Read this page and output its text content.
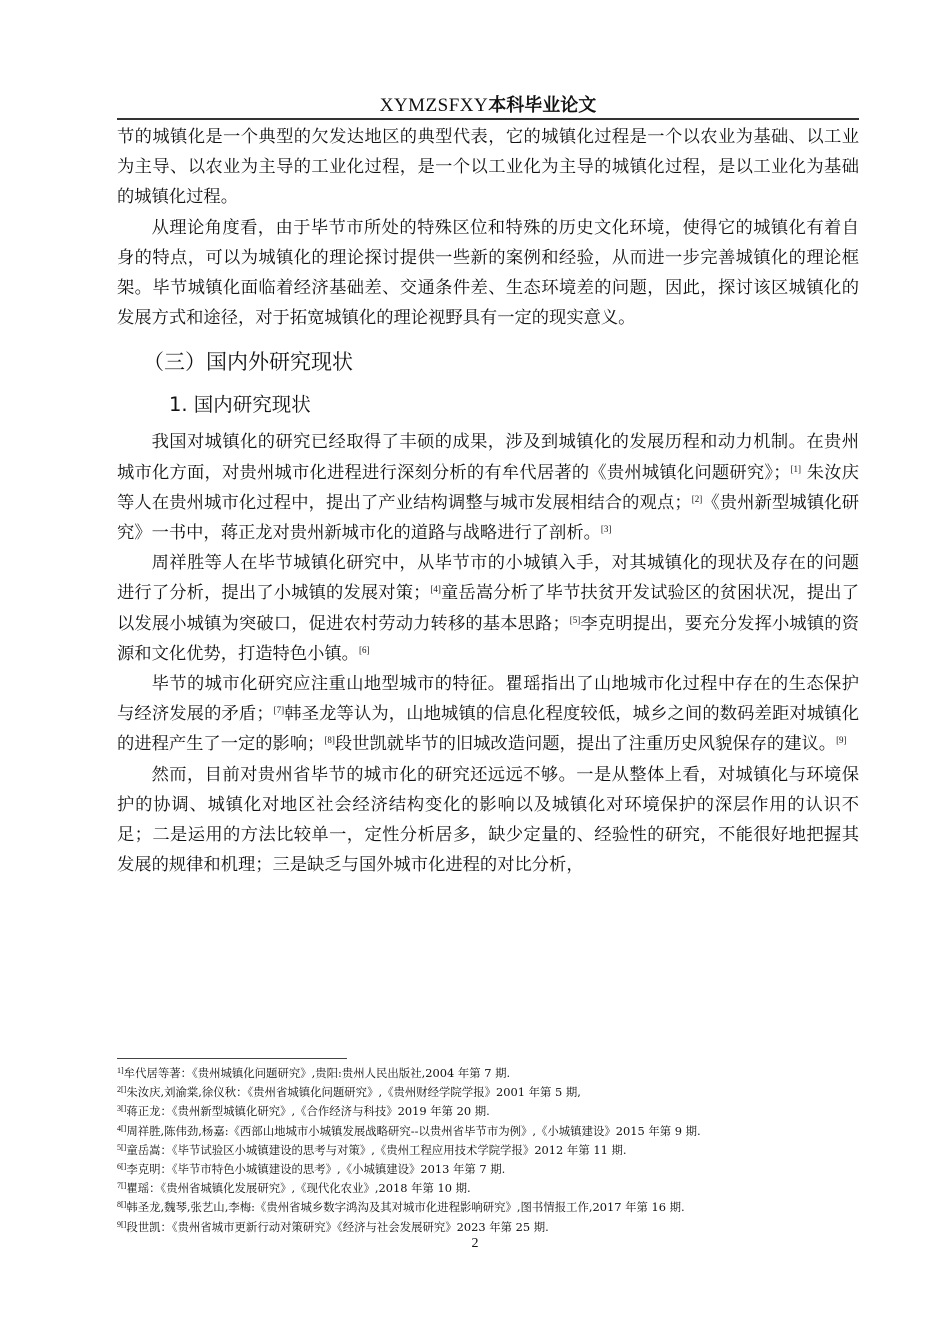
XYMZSFXY本科毕业论文

节的城镇化是一个典型的欠发达地区的典型代表，它的城镇化过程是一个以农业为基础、以工业为主导、以农业为主导的工业化过程，是一个以工业化为主导的城镇化过程，是以工业化为基础的城镇化过程。

从理论角度看，由于毕节市所处的特殊区位和特殊的历史文化环境，使得它的城镇化有着自身的特点，可以为城镇化的理论探讨提供一些新的案例和经验，从而进一步完善城镇化的理论框架。毕节城镇化面临着经济基础差、交通条件差、生态环境差的问题，因此，探讨该区城镇化的发展方式和途径，对于拓宽城镇化的理论视野具有一定的现实意义。

（三）国内外研究现状
1. 国内研究现状

我国对城镇化的研究已经取得了丰硕的成果，涉及到城镇化的发展历程和动力机制。在贵州城市化方面，对贵州城市化进程进行深刻分析的有牟代居著的《贵州城镇化问题研究》；[1] 朱汝庆等人在贵州城市化过程中，提出了产业结构调整与城市发展相结合的观点；[2]《贵州新型城镇化研究》一书中，蒋正龙对贵州新城市化的道路与战略进行了剖析。[3]

周祥胜等人在毕节城镇化研究中，从毕节市的小城镇入手，对其城镇化的现状及存在的问题进行了分析，提出了小城镇的发展对策；[4]童岳嵩分析了毕节扶贫开发试验区的贫困状况，提出了以发展小城镇为突破口，促进农村劳动力转移的基本思路；[5]李克明提出，要充分发挥小城镇的资源和文化优势，打造特色小镇。[6]

毕节的城市化研究应注重山地型城市的特征。瞿瑶指出了山地城市化过程中存在的生态保护与经济发展的矛盾；[7]韩圣龙等认为，山地城镇的信息化程度较低，城乡之间的数码差距对城镇化的进程产生了一定的影响；[8]段世凯就毕节的旧城改造问题，提出了注重历史风貌保存的建议。[9]

然而，目前对贵州省毕节的城市化的研究还远远不够。一是从整体上看，对城镇化与环境保护的协调、城镇化对地区社会经济结构变化的影响以及城镇化对环境保护的深层作用的认识不足；二是运用的方法比较单一，定性分析居多，缺少定量的、经验性的研究，不能很好地把握其发展的规律和机理；三是缺乏与国外城市化进程的对比分析，

$^{1]}$牟代居等著：《贵州城镇化问题研究》,贵阳:贵州人民出版社,2004 年第 7 期.
$^{2[]}$朱汝庆,刘渝棠,徐仪秋：《贵州省城镇化问题研究》,《贵州财经学院学报》2001 年第 5 期,
$^{3[]}$蒋正龙：《贵州新型城镇化研究》,《合作经济与科技》2019 年第 20 期.
$^{4[]}$周祥胜,陈伟劲,杨嘉:《西部山地城市小城镇发展战略研究--以贵州省毕节市为例》,《小城镇建设》2015 年第 9 期.
$^{5[]}$童岳嵩：《毕节试验区小城镇建设的思考与对策》,《贵州工程应用技术学院学报》2012 年第 11 期.
$^{6[]}$李克明：《毕节市特色小城镇建设的思考》,《小城镇建设》2013 年第 7 期.
$^{7[]}$瞿瑶：《贵州省城镇化发展研究》,《现代化农业》,2018 年第 10 期.
$^{8[]}$韩圣龙,魏琴,张艺山,李梅:《贵州省城乡数字鸿沟及其对城市化进程影响研究》,图书情报工作,2017 年第 16 期.
$^{9[]}$段世凯：《贵州省城市更新行动对策研究》《经济与社会发展研究》2023 年第 25 期.
2
